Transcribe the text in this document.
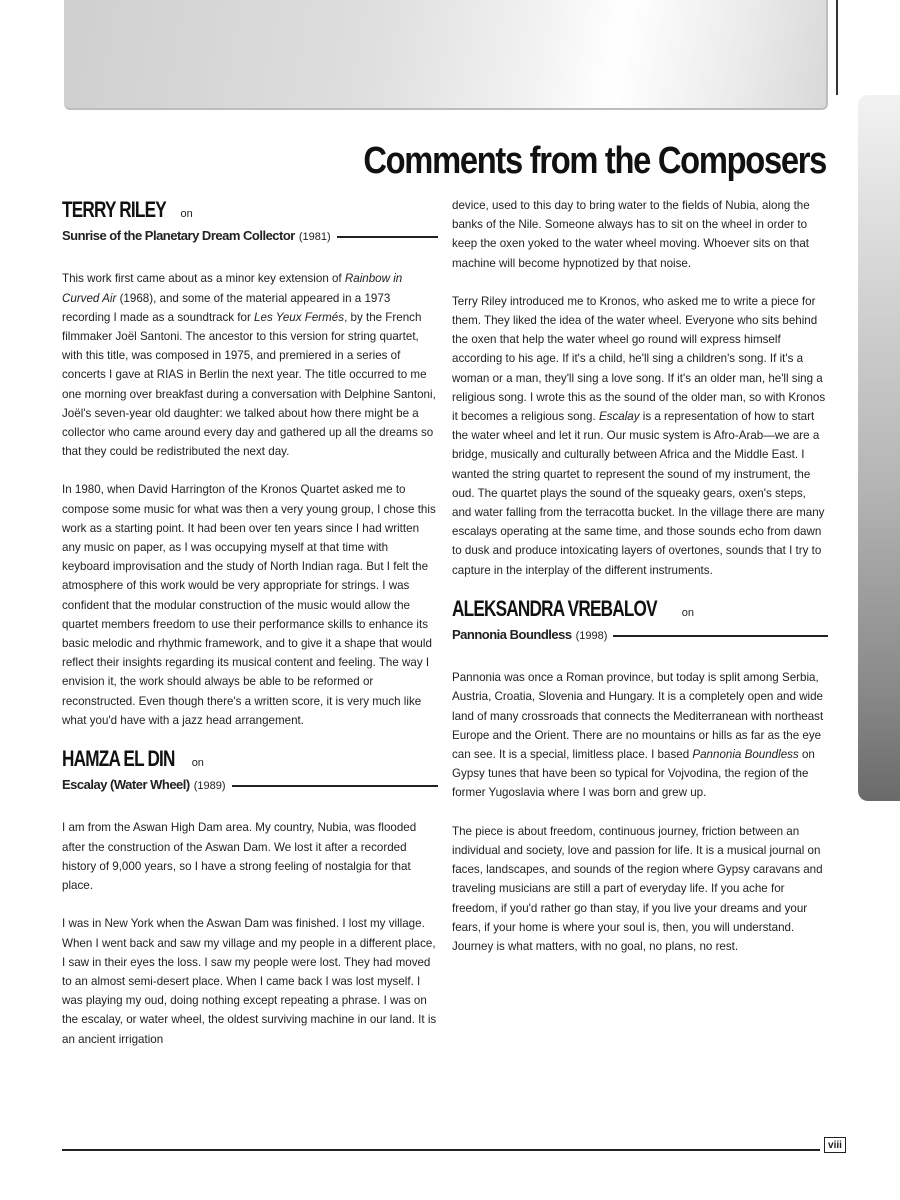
Comments from the Composers
TERRY RILEY on
Sunrise of the Planetary Dream Collector (1981)

This work first came about as a minor key extension of Rainbow in Curved Air (1968), and some of the material appeared in a 1973 recording I made as a soundtrack for Les Yeux Fermés, by the French filmmaker Joël Santoni. The ancestor to this version for string quartet, with this title, was composed in 1975, and premiered in a series of concerts I gave at RIAS in Berlin the next year. The title occurred to me one morning over breakfast during a conversation with Delphine Santoni, Joël's seven-year old daughter: we talked about how there might be a collector who came around every day and gathered up all the dreams so that they could be redistributed the next day.

In 1980, when David Harrington of the Kronos Quartet asked me to compose some music for what was then a very young group, I chose this work as a starting point. It had been over ten years since I had written any music on paper, as I was occupying myself at that time with keyboard improvisation and the study of North Indian raga. But I felt the atmosphere of this work would be very appropriate for strings. I was confident that the modular construction of the music would allow the quartet members freedom to use their performance skills to enhance its basic melodic and rhythmic framework, and to give it a shape that would reflect their insights regarding its musical content and feeling. The way I envision it, the work should always be able to be reformed or reconstructed. Even though there's a written score, it is very much like what you'd have with a jazz head arrangement.

HAMZA EL DIN on
Escalay (Water Wheel) (1989)

I am from the Aswan High Dam area. My country, Nubia, was flooded after the construction of the Aswan Dam. We lost it after a recorded history of 9,000 years, so I have a strong feeling of nostalgia for that place.

I was in New York when the Aswan Dam was finished. I lost my village. When I went back and saw my village and my people in a different place, I saw in their eyes the loss. I saw my people were lost. They had moved to an almost semi-desert place. When I came back I was lost myself. I was playing my oud, doing nothing except repeating a phrase. I was on the escalay, or water wheel, the oldest surviving machine in our land. It is an ancient irrigation

device, used to this day to bring water to the fields of Nubia, along the banks of the Nile. Someone always has to sit on the wheel in order to keep the oxen yoked to the water wheel moving. Whoever sits on that machine will become hypnotized by that noise.

Terry Riley introduced me to Kronos, who asked me to write a piece for them. They liked the idea of the water wheel. Everyone who sits behind the oxen that help the water wheel go round will express himself according to his age. If it's a child, he'll sing a children's song. If it's a woman or a man, they'll sing a love song. If it's an older man, he'll sing a religious song. I wrote this as the sound of the older man, so with Kronos it becomes a religious song. Escalay is a representation of how to start the water wheel and let it run. Our music system is Afro-Arab—we are a bridge, musically and culturally between Africa and the Middle East. I wanted the string quartet to represent the sound of my instrument, the oud. The quartet plays the sound of the squeaky gears, oxen's steps, and water falling from the terracotta bucket. In the village there are many escalays operating at the same time, and those sounds echo from dawn to dusk and produce intoxicating layers of overtones, sounds that I try to capture in the interplay of the different instruments.

ALEKSANDRA VREBALOV on
Pannonia Boundless (1998)

Pannonia was once a Roman province, but today is split among Serbia, Austria, Croatia, Slovenia and Hungary. It is a completely open and wide land of many crossroads that connects the Mediterranean with northeast Europe and the Orient. There are no mountains or hills as far as the eye can see. It is a special, limitless place. I based Pannonia Boundless on Gypsy tunes that have been so typical for Vojvodina, the region of the former Yugoslavia where I was born and grew up.

The piece is about freedom, continuous journey, friction between an individual and society, love and passion for life. It is a musical journal on faces, landscapes, and sounds of the region where Gypsy caravans and traveling musicians are still a part of everyday life. If you ache for freedom, if you'd rather go than stay, if you live your dreams and your fears, if your home is where your soul is, then, you will understand. Journey is what matters, with no goal, no plans, no rest.

viii
